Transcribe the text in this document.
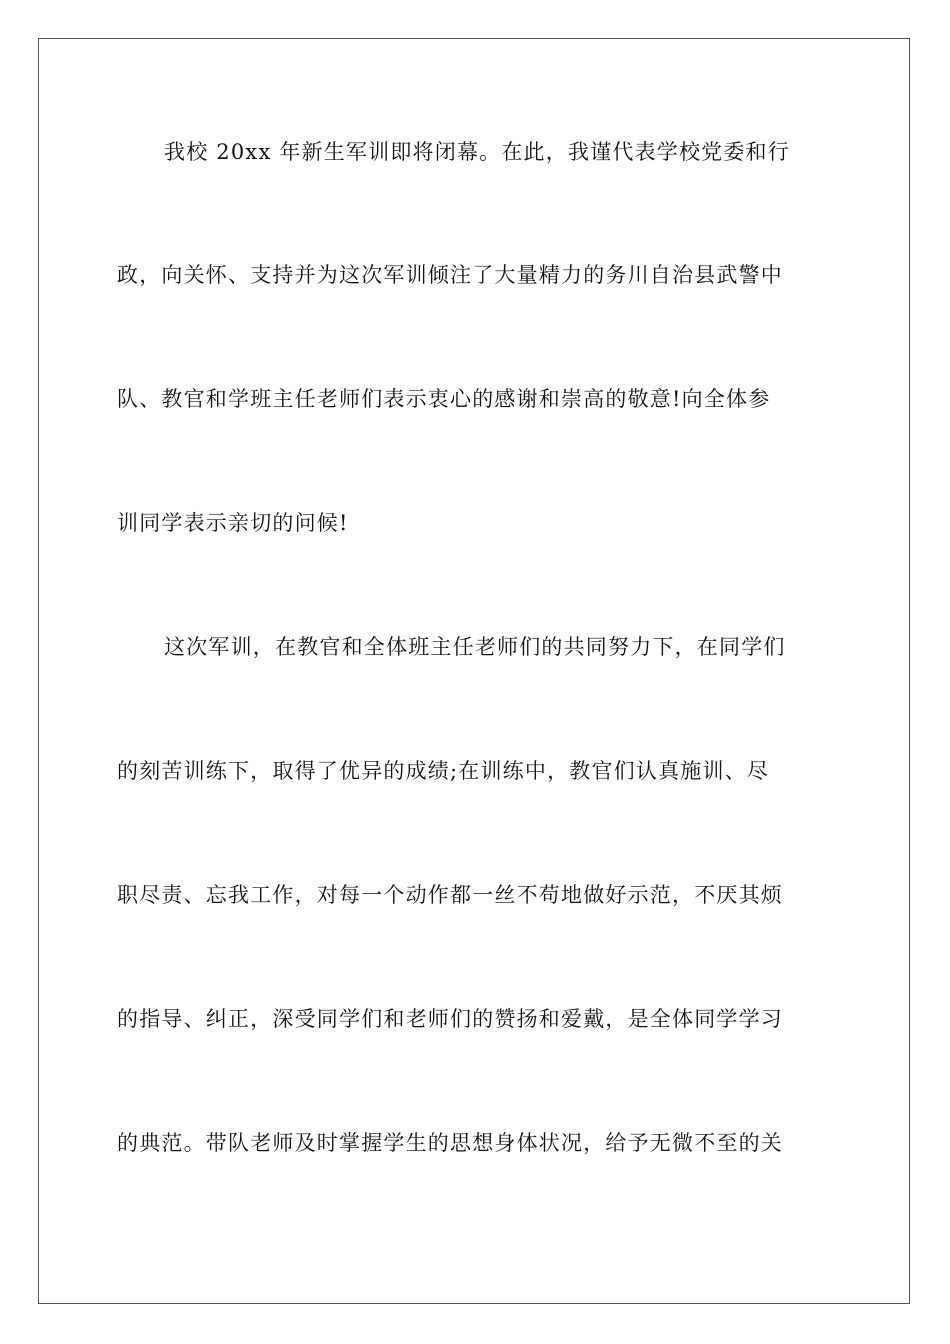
我校 20xx 年新生军训即将闭幕。在此，我谨代表学校党委和行
政，向关怀、支持并为这次军训倾注了大量精力的务川自治县武警中
队、教官和学班主任老师们表示衷心的感谢和崇高的敬意!向全体参
训同学表示亲切的问候!
这次军训，在教官和全体班主任老师们的共同努力下，在同学们
的刻苦训练下，取得了优异的成绩;在训练中，教官们认真施训、尽
职尽责、忘我工作，对每一个动作都一丝不苟地做好示范，不厌其烦
的指导、纠正，深受同学们和老师们的赞扬和爱戴，是全体同学学习
的典范。带队老师及时掌握学生的思想身体状况，给予无微不至的关
